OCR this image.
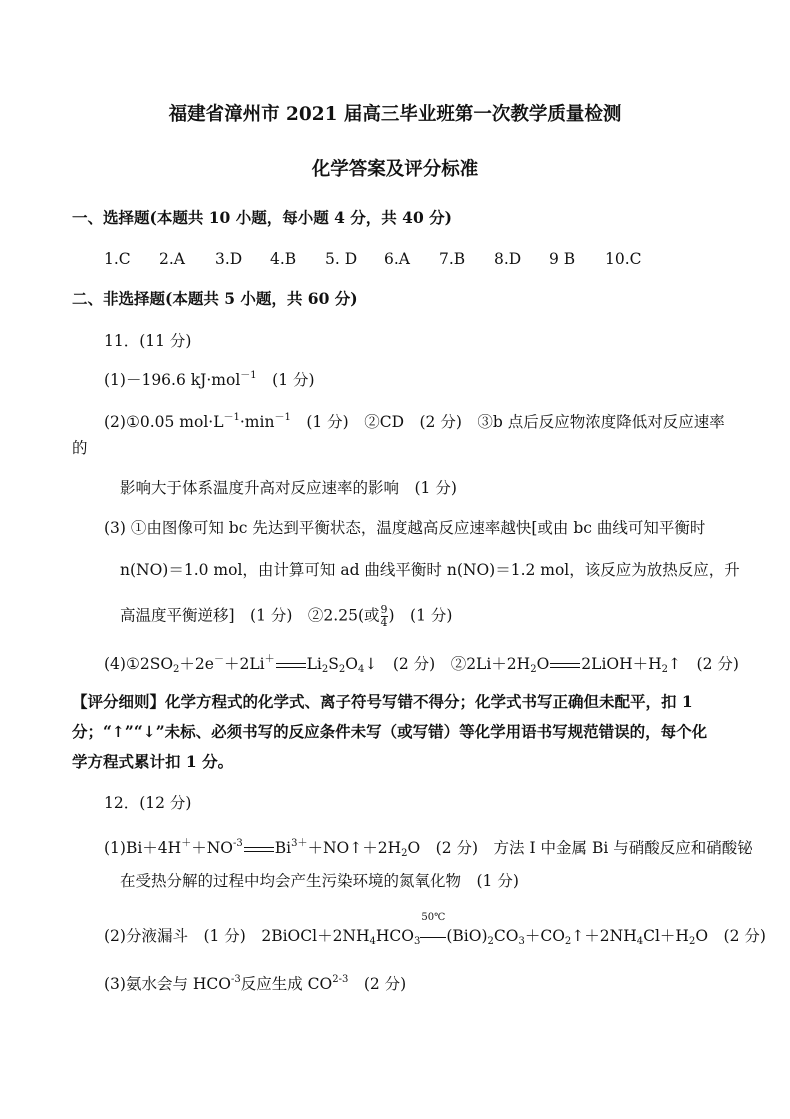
福建省漳州市 2021 届高三毕业班第一次教学质量检测
化学答案及评分标准
一、选择题(本题共 10 小题，每小题 4 分，共 40 分)
1.C 2.A 3.D 4.B 5. D 6.A 7.B 8.D 9 B 10.C
二、非选择题(本题共 5 小题，共 60 分)
11．(11 分)
(1)－196.6 kJ·mol$^{-1}$　 (1 分)
(2)①0.05 $mol\cdot L^{-1}\cdot\min^{-1}$　 (1 分)　②CD　(2 分)　③b 点后反应物浓度降低对反应速率
的
影响大于体系温度升高对反应速率的影响　(1 分)
(3) ①由图像可知 bc 先达到平衡状态，温度越高反应速率越快[或由 bc 曲线可知平衡时
n(NO)＝1.0 mol，由计算可知 ad 曲线平衡时 n(NO)＝1.2 mol，该反应为放热反应，升
高温度平衡逆移]　(1 分)　②2.25(或 $\frac{9}{4}$ )　(1 分)
$(4)①2SO_2+2e^-+2Li^+$ $Li_2S_2O_4↓$　(2 分)　$②2Li+2H_2O$ $2LiOH+H_2↑$　(2 分)
【评分细则】化学方程式的化学式、离子符号写错不得分；化学式书写正确但未配平，扣 1
分；“↑”“↓”未标、必须书写的反应条件未写（或写错）等化学用语书写规范错误的，每个化
学方程式累计扣 1 分。
12．(12 分)
$(1)Bi+4H^++NO^{-3}$ $Bi^{3+}+NO↑+2H_2O$　(2 分)　方法 I 中金属 Bi 与硝酸反应和硝酸铋
在受热分解的过程中均会产生污染环境的氮氧化物　(1 分)
(2)分液漏斗　(1 分)　$2BiOCl+2NH_4HCO_3$
50℃
$(BiO)_2CO_3+CO_2↑+2NH_4Cl+H_2O$　(2 分)
(3)氨水会与 $HCO^{-3}$反应生成 CO$^{2-3}$　(2 分)
